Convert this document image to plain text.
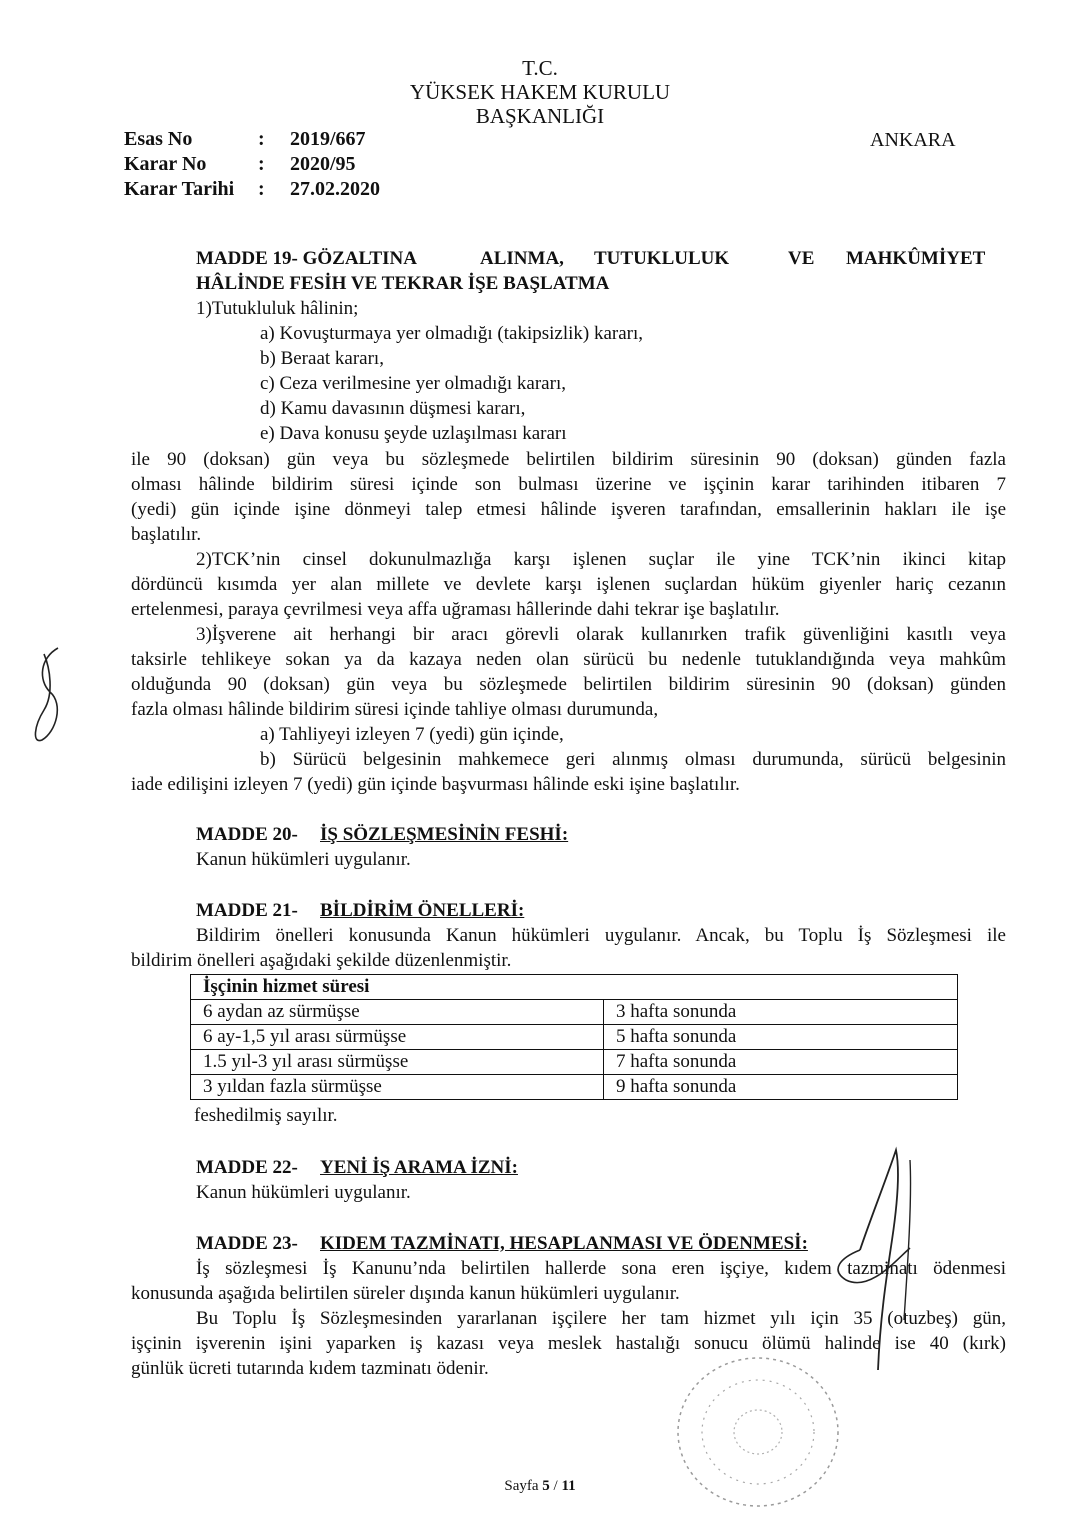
T.C.
YÜKSEK HAKEM KURULU
BAŞKANLIĞI
Esas No	: 2019/667
Karar No	: 2020/95
Karar Tarihi : 27.02.2020
ANKARA
MADDE 19- GÖZALTINA	ALINMA, TUTUKLULUK	VE MAHKÛMİYET
HÂLİNDE FESİH VE TEKRAR İŞE BAŞLATMA
1)Tutukluluk hâlinin;
a) Kovuşturmaya yer olmadığı (takipsizlik) kararı,
b) Beraat kararı,
c) Ceza verilmesine yer olmadığı kararı,
d) Kamu davasının düşmesi kararı,
e) Dava konusu şeyde uzlaşılması kararı
ile 90 (doksan) gün veya bu sözleşmede belirtilen bildirim süresinin 90 (doksan) günden fazla
olması hâlinde bildirim süresi içinde son bulması üzerine ve işçinin karar tarihinden itibaren 7
(yedi) gün içinde işine dönmeyi talep etmesi hâlinde işveren tarafından, emsallerinin hakları ile işe
başlatılır.
2)TCK’nin cinsel dokunulmazlığa karşı işlenen suçlar ile yine TCK’nin ikinci kitap
dördüncü kısımda yer alan millete ve devlete karşı işlenen suçlardan hüküm giyenler hariç cezanın
ertelenmesi, paraya çevrilmesi veya affa uğraması hâllerinde dahi tekrar işe başlatılır.
3)İşverene ait herhangi bir aracı görevli olarak kullanırken trafik güvenliğini kasıtlı veya
taksirle tehlikeye sokan ya da kazaya neden olan sürücü bu nedenle tutuklandığında veya mahkûm
olduğunda 90 (doksan) gün veya bu sözleşmede belirtilen bildirim süresinin 90 (doksan) günden
fazla olması hâlinde bildirim süresi içinde tahliye olması durumunda,
a) Tahliyeyi izleyen 7 (yedi) gün içinde,
b) Sürücü belgesinin mahkemece geri alınmış olması durumunda, sürücü belgesinin
iade edilişini izleyen 7 (yedi) gün içinde başvurması hâlinde eski işine başlatılır.
MADDE 20- İŞ SÖZLEŞMESİNİN FESHİ:
Kanun hükümleri uygulanır.
MADDE 21- BİLDİRİM ÖNELLERİ:
Bildirim önelleri konusunda Kanun hükümleri uygulanır. Ancak, bu Toplu İş Sözleşmesi ile
bildirim önelleri aşağıdaki şekilde düzenlenmiştir.
İşçinin hizmet süresi	
6 aydan az sürmüşse	3 hafta sonunda
6 ay-1,5 yıl arası sürmüşse	5 hafta sonunda
1.5 yıl-3 yıl arası sürmüşse	7 hafta sonunda
3 yıldan fazla sürmüşse	9 hafta sonunda
feshedilmiş sayılır.
MADDE 22- YENİ İŞ ARAMA İZNİ:
Kanun hükümleri uygulanır.
MADDE 23- KIDEM TAZMİNATI, HESAPLANMASI VE ÖDENMESİ:
İş sözleşmesi İş Kanunu’nda belirtilen hallerde sona eren işçiye, kıdem tazminatı ödenmesi
konusunda aşağıda belirtilen süreler dışında kanun hükümleri uygulanır.
Bu Toplu İş Sözleşmesinden yararlanan işçilere her tam hizmet yılı için 35 (otuzbeş) gün,
işçinin işverenin işini yaparken iş kazası veya meslek hastalığı sonucu ölümü halinde ise 40 (kırk)
günlük ücreti tutarında kıdem tazminatı ödenir.
Sayfa 5 / 11
